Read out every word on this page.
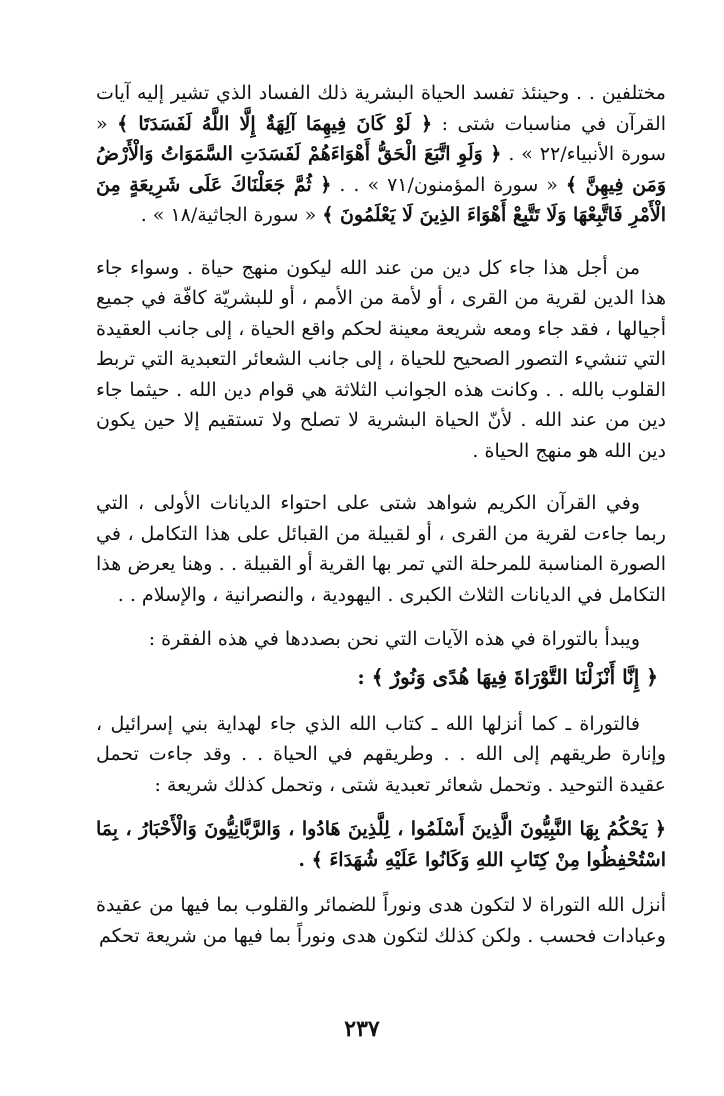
مختلفين . . وحينئذ تفسد الحياة البشرية ذلك الفساد الذي تشير إليه آيات القرآن في مناسبات شتى : ﴿ لَوْ كَانَ فِيهِمَا آلِهَةٌ إِلَّا اللَّهُ لَفَسَدَتَا ﴾ « سورة الأنبياء/٢٢ » . ﴿ وَلَوِ اتَّبَعَ الْحَقُّ أَهْوَاءَهُمْ لَفَسَدَتِ السَّمَوَاتُ وَالْأَرْضُ وَمَن فِيهِنَّ ﴾ « سورة المؤمنون/٧١ » . . ﴿ ثُمَّ جَعَلْنَاكَ عَلَى شَرِيعَةٍ مِنَ الْأَمْرِ فَاتَّبِعْهَا وَلَا تَتَّبِعْ أَهْوَاءَ الذِينَ لَا يَعْلَمُونَ ﴾ « سورة الجاثية/١٨ » .

من أجل هذا جاء كل دين من عند الله ليكون منهج حياة . وسواء جاء هذا الدين لقرية من القرى ، أو لأمة من الأمم ، أو للبشريّة كافّة في جميع أجيالها ، فقد جاء ومعه شريعة معينة لحكم واقع الحياة ، إلى جانب العقيدة التي تنشيء التصور الصحيح للحياة ، إلى جانب الشعائر التعبدية التي تربط القلوب بالله . . وكانت هذه الجوانب الثلاثة هي قوام دين الله . حيثما جاء دين من عند الله . لأنّ الحياة البشرية لا تصلح ولا تستقيم إلا حين يكون دين الله هو منهج الحياة .

وفي القرآن الكريم شواهد شتى على احتواء الديانات الأولى ، التي ربما جاءت لقرية من القرى ، أو لقبيلة من القبائل على هذا التكامل ، في الصورة المناسبة للمرحلة التي تمر بها القرية أو القبيلة . . وهنا يعرض هذا التكامل في الديانات الثلاث الكبرى . اليهودية ، والنصرانية ، والإسلام . .

ويبدأ بالتوراة في هذه الآيات التي نحن بصددها في هذه الفقرة :

﴿ إِنَّا أَنْزَلْنَا التَّوْرَاةَ فِيهَا هُدًى وَنُورٌ ﴾ :

فالتوراة ـ كما أنزلها الله ـ كتاب الله الذي جاء لهداية بني إسرائيل ، وإنارة طريقهم إلى الله . . وطريقهم في الحياة . . وقد جاءت تحمل عقيدة التوحيد . وتحمل شعائر تعبدية شتى ، وتحمل كذلك شريعة :

﴿ يَحْكُمُ بِهَا النَّبِيُّونَ الَّذِينَ أَسْلَمُوا ، لِلَّذِينَ هَادُوا ، وَالرَّبَّانِيُّونَ وَالْأَحْبَارُ ، بِمَا اسْتُحْفِظُوا مِنْ كِتَابِ اللهِ وَكَانُوا عَلَيْهِ شُهَدَاءَ ﴾ .

أنزل الله التوراة لا لتكون هدى ونوراً للضمائر والقلوب بما فيها من عقيدة وعبادات فحسب . ولكن كذلك لتكون هدى ونوراً بما فيها من شريعة تحكم

٢٣٧
